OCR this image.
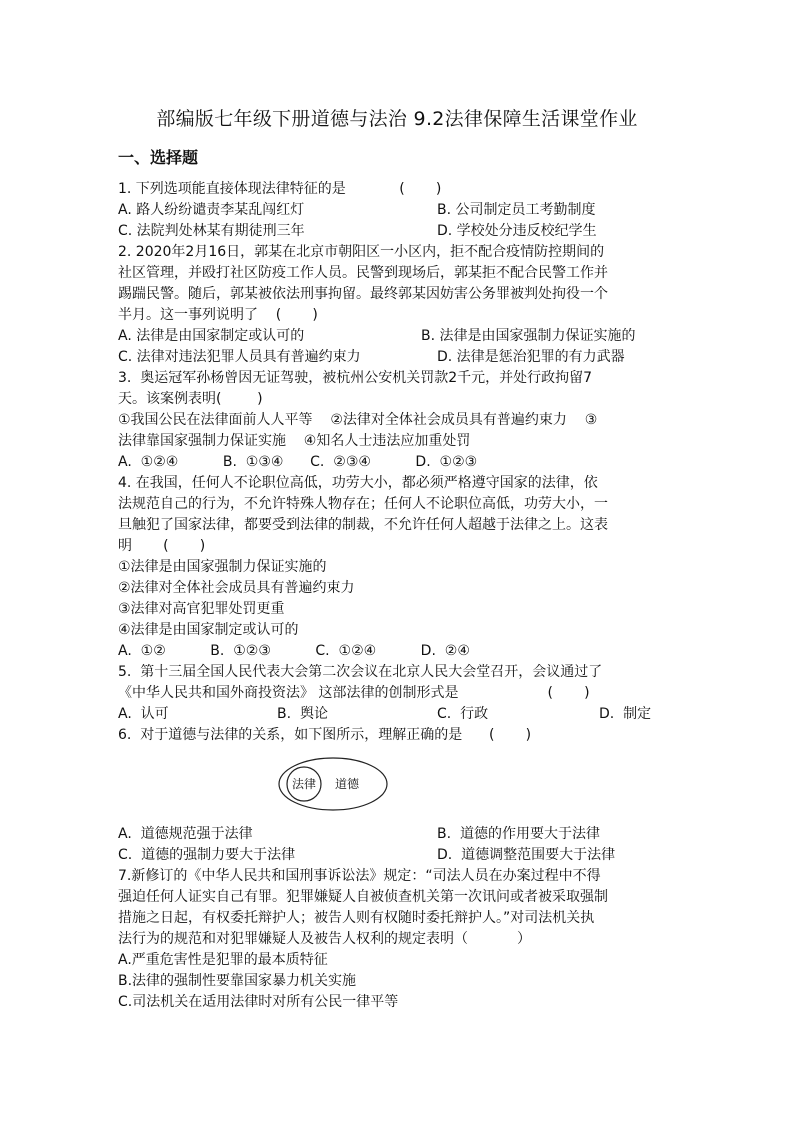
部编版七年级下册道德与法治 9.2法律保障生活课堂作业
一、选择题
1. 下列选项能直接体现法律特征的是            (       )
A. 路人纷纷谴责李某乱闯红灯	B. 公司制定员工考勤制度
C. 法院判处林某有期徒刑三年	D. 学校处分违反校纪学生
2. 2020年2月16日，郭某在北京市朝阳区一小区内，拒不配合疫情防控期间的
社区管理，并殴打社区防疫工作人员。民警到现场后，郭某拒不配合民警工作并
踢踹民警。随后，郭某被依法刑事拘留。最终郭某因妨害公务罪被判处拘役一个
半月。这一事列说明了    (       )
A. 法律是由国家制定或认可的	B. 法律是由国家强制力保证实施的
C. 法律对违法犯罪人员具有普遍约束力	D. 法律是惩治犯罪的有力武器
3.  奥运冠军孙杨曾因无证驾驶，被杭州公安机关罚款2千元，并处行政拘留7
天。该案例表明(        )
①我国公民在法律面前人人平等    ②法律对全体社会成员具有普遍约束力    ③
法律靠国家强制力保证实施    ④知名人士违法应加重处罚
A.  ①②④          B.  ①③④      C.  ②③④          D.  ①②③
4. 在我国，任何人不论职位高低，功劳大小，都必须严格遵守国家的法律，依
法规范自己的行为，不允许特殊人物存在；任何人不论职位高低，功劳大小，一
旦触犯了国家法律，都要受到法律的制裁，不允许任何人超越于法律之上。这表
明       (       )
①法律是由国家强制力保证实施的
②法律对全体社会成员具有普遍约束力
③法律对高官犯罪处罚更重
④法律是由国家制定或认可的
A.  ①②          B.  ①②③          C.  ①②④          D.  ②④
5.  第十三届全国人民代表大会第二次会议在北京人民大会堂召开，会议通过了
《中华人民共和国外商投资法》 这部法律的创制形式是                    (       )
A.  认可	B.  舆论	C.  行政	D.  制定
6.  对于道德与法律的关系，如下图所示，理解正确的是      (       )
法律 道德
A.  道德规范强于法律	B.  道德的作用要大于法律
C.  道德的强制力要大于法律	D.  道德调整范围要大于法律
7.新修订的《中华人民共和国刑事诉讼法》规定：“司法人员在办案过程中不得
强迫任何人证实自己有罪。犯罪嫌疑人自被侦查机关第一次讯问或者被采取强制
措施之日起，有权委托辩护人；被告人则有权随时委托辩护人。”对司法机关执
法行为的规范和对犯罪嫌疑人及被告人权利的规定表明（           ）
A.严重危害性是犯罪的最本质特征
B.法律的强制性要靠国家暴力机关实施
C.司法机关在适用法律时对所有公民一律平等
